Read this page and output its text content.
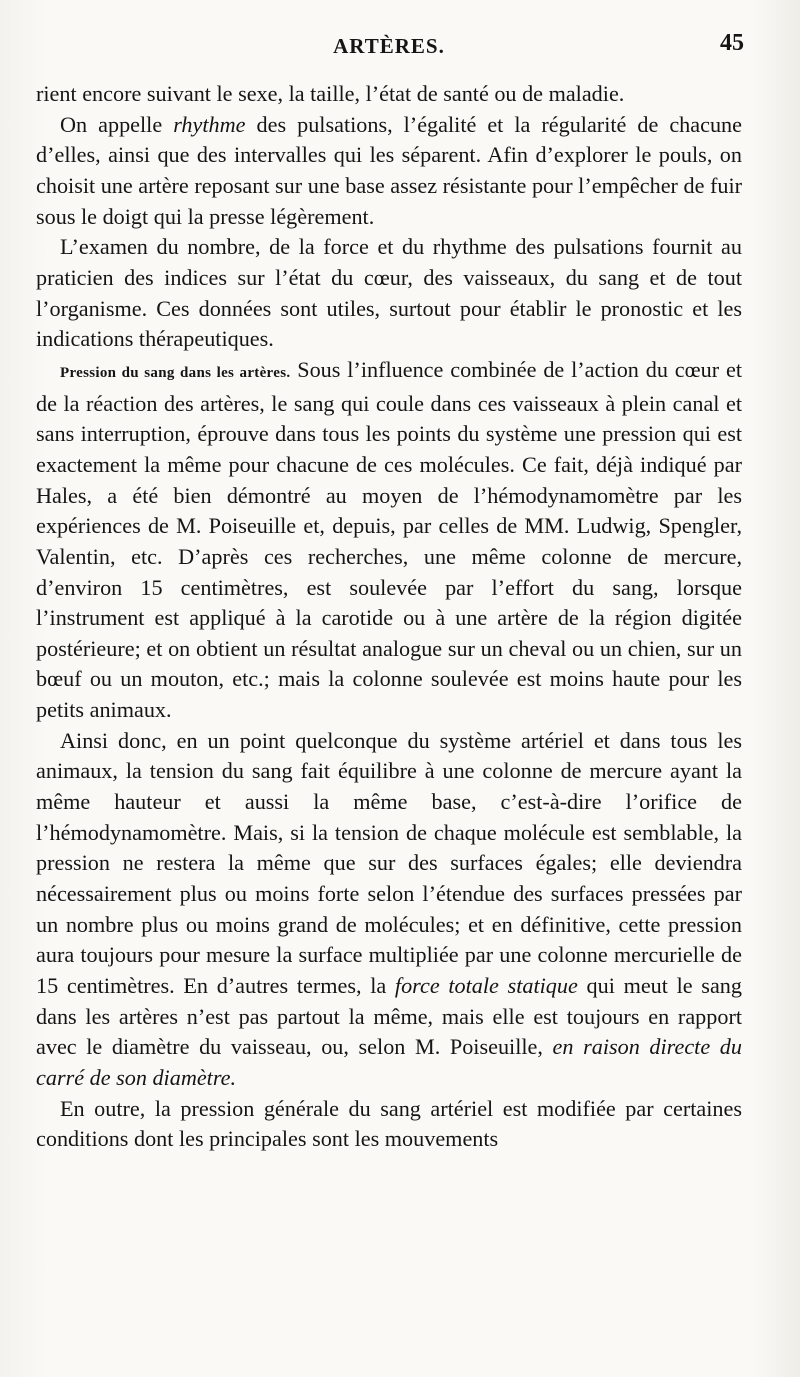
ARTÈRES.	45

rient encore suivant le sexe, la taille, l’état de santé ou de maladie.

On appelle rhythme des pulsations, l’égalité et la régularité de chacune d’elles, ainsi que des intervalles qui les séparent. Afin d’explorer le pouls, on choisit une artère reposant sur une base assez résistante pour l’empêcher de fuir sous le doigt qui la presse légèrement.

L’examen du nombre, de la force et du rhythme des pulsations fournit au praticien des indices sur l’état du cœur, des vaisseaux, du sang et de tout l’organisme. Ces données sont utiles, surtout pour établir le pronostic et les indications thérapeutiques.

Pression du sang dans les artères. Sous l’influence combinée de l’action du cœur et de la réaction des artères, le sang qui coule dans ces vaisseaux à plein canal et sans interruption, éprouve dans tous les points du système une pression qui est exactement la même pour chacune de ces molécules. Ce fait, déjà indiqué par Hales, a été bien démontré au moyen de l’hémodynamomètre par les expériences de M. Poiseuille et, depuis, par celles de MM. Ludwig, Spengler, Valentin, etc. D’après ces recherches, une même colonne de mercure, d’environ 15 centimètres, est soulevée par l’effort du sang, lorsque l’instrument est appliqué à la carotide ou à une artère de la région digitée postérieure; et on obtient un résultat analogue sur un cheval ou un chien, sur un bœuf ou un mouton, etc.; mais la colonne soulevée est moins haute pour les petits animaux.

Ainsi donc, en un point quelconque du système artériel et dans tous les animaux, la tension du sang fait équilibre à une colonne de mercure ayant la même hauteur et aussi la même base, c’est-à-dire l’orifice de l’hémodynamomètre. Mais, si la tension de chaque molécule est semblable, la pression ne restera la même que sur des surfaces égales; elle deviendra nécessairement plus ou moins forte selon l’étendue des surfaces pressées par un nombre plus ou moins grand de molécules; et en définitive, cette pression aura toujours pour mesure la surface multipliée par une colonne mercurielle de 15 centimètres. En d’autres termes, la force totale statique qui meut le sang dans les artères n’est pas partout la même, mais elle est toujours en rapport avec le diamètre du vaisseau, ou, selon M. Poiseuille, en raison directe du carré de son diamètre.

En outre, la pression générale du sang artériel est modifiée par certaines conditions dont les principales sont les mouvements
